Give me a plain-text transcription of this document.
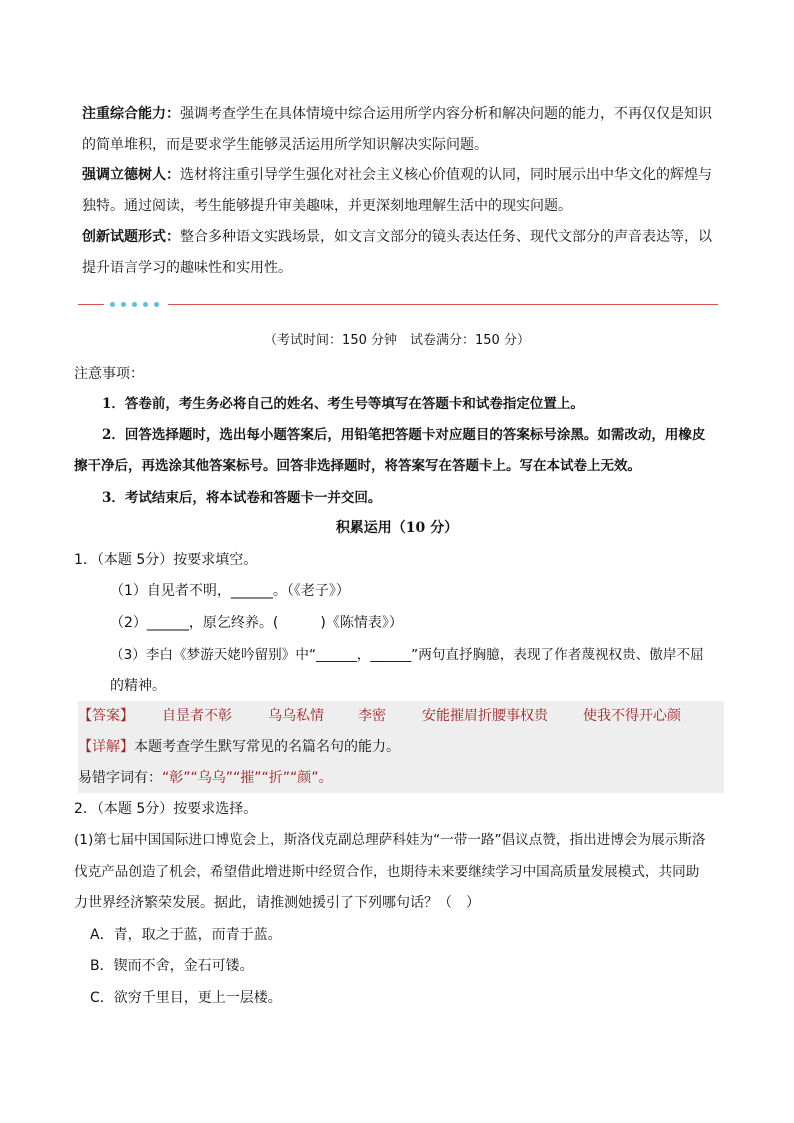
注重综合能力：强调考查学生在具体情境中综合运用所学内容分析和解决问题的能力，不再仅仅是知识的简单堆积，而是要求学生能够灵活运用所学知识解决实际问题。
强调立德树人：选材将注重引导学生强化对社会主义核心价值观的认同，同时展示出中华文化的辉煌与独特。通过阅读，考生能够提升审美趣味，并更深刻地理解生活中的现实问题。
创新试题形式：整合多种语文实践场景，如文言文部分的镜头表达任务、现代文部分的声音表达等，以提升语言学习的趣味性和实用性。
（考试时间：150 分钟　试卷满分：150 分）
注意事项：
1．答卷前，考生务必将自己的姓名、考生号等填写在答题卡和试卷指定位置上。
2．回答选择题时，选出每小题答案后，用铅笔把答题卡对应题目的答案标号涂黑。如需改动，用橡皮
擦干净后，再选涂其他答案标号。回答非选择题时，将答案写在答题卡上。写在本试卷上无效。
3．考试结束后，将本试卷和答题卡一并交回。
积累运用（10 分）
1．（本题 5分）按要求填空。
（1）自见者不明，______。（《老子》）
（2）______，原乞终养。(　　　)《陈情表》）
（3）李白《梦游天姥吟留别》中“______，______”两句直抒胸臆，表现了作者蔑视权贵、傲岸不屈
的精神。
【答案】 自昰者不彰	乌乌私情 李密	安能摧眉折腰事权贵	使我不得开心颜
【详解】本题考查学生默写常见的名篇名句的能力。
易错字词有：“彰”“乌乌”“摧”“折”“颜”。
2．（本题 5分）按要求选择。
(1)第七届中国国际进口博览会上，斯洛伐克副总理萨科娃为“一带一路”倡议点赞，指出进博会为展示斯洛
伐克产品创造了机会，希望借此增进斯中经贸合作，也期待未来要继续学习中国高质量发展模式，共同助
力世界经济繁荣发展。据此，请推测她援引了下列哪句话？（　）
A．青，取之于蓝，而青于蓝。
B．锲而不舍，金石可镂。
C．欲穷千里目，更上一层楼。
